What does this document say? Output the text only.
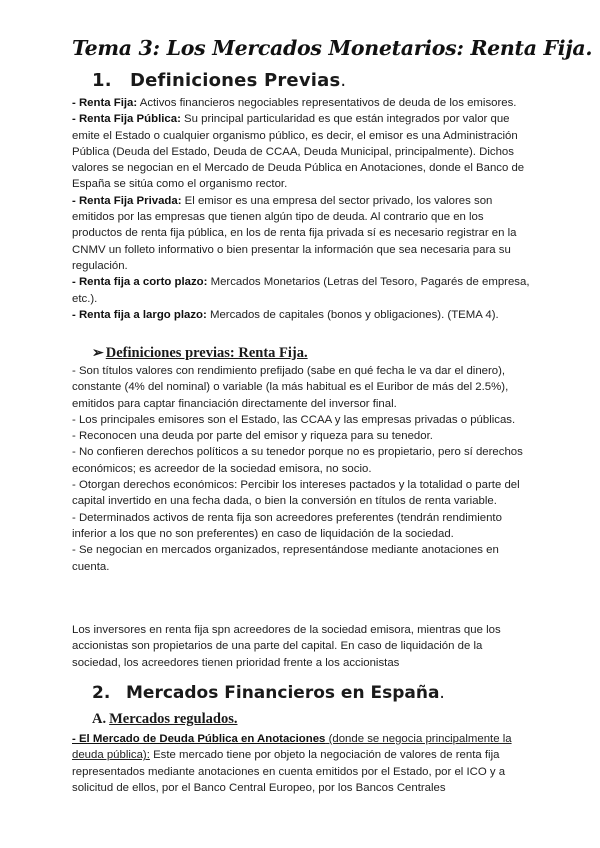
Tema 3: Los Mercados Monetarios: Renta Fija.
1. Definiciones Previas.
- Renta Fija: Activos financieros negociables representativos de deuda de los emisores.
- Renta Fija Pública: Su principal particularidad es que están integrados por valor que emite el Estado o cualquier organismo público, es decir, el emisor es una Administración Pública (Deuda del Estado, Deuda de CCAA, Deuda Municipal, principalmente). Dichos valores se negocian en el Mercado de Deuda Pública en Anotaciones, donde el Banco de España se sitúa como el organismo rector.
- Renta Fija Privada: El emisor es una empresa del sector privado, los valores son emitidos por las empresas que tienen algún tipo de deuda. Al contrario que en los productos de renta fija pública, en los de renta fija privada sí es necesario registrar en la CNMV un folleto informativo o bien presentar la información que sea necesaria para su regulación.
- Renta fija a corto plazo: Mercados Monetarios (Letras del Tesoro, Pagarés de empresa, etc.).
- Renta fija a largo plazo: Mercados de capitales (bonos y obligaciones). (TEMA 4).
➢ Definiciones previas: Renta Fija.
- Son títulos valores con rendimiento prefijado (sabe en qué fecha le va dar el dinero), constante (4% del nominal) o variable (la más habitual es el Euribor de más del 2.5%), emitidos para captar financiación directamente del inversor final.
- Los principales emisores son el Estado, las CCAA y las empresas privadas o públicas.
- Reconocen una deuda por parte del emisor y riqueza para su tenedor.
- No confieren derechos políticos a su tenedor porque no es propietario, pero sí derechos económicos; es acreedor de la sociedad emisora, no socio.
- Otorgan derechos económicos: Percibir los intereses pactados y la totalidad o parte del capital invertido en una fecha dada, o bien la conversión en títulos de renta variable.
- Determinados activos de renta fija son acreedores preferentes (tendrán rendimiento inferior a los que no son preferentes) en caso de liquidación de la sociedad.
- Se negocian en mercados organizados, representándose mediante anotaciones en cuenta.
Los inversores en renta fija spn acreedores de la sociedad emisora, mientras que los accionistas son propietarios de una parte del capital. En caso de liquidación de la sociedad, los acreedores tienen prioridad frente a los accionistas
2. Mercados Financieros en España.
A. Mercados regulados.
- El Mercado de Deuda Pública en Anotaciones (donde se negocia principalmente la deuda pública): Este mercado tiene por objeto la negociación de valores de renta fija representados mediante anotaciones en cuenta emitidos por el Estado, por el ICO y a solicitud de ellos, por el Banco Central Europeo, por los Bancos Centrales
